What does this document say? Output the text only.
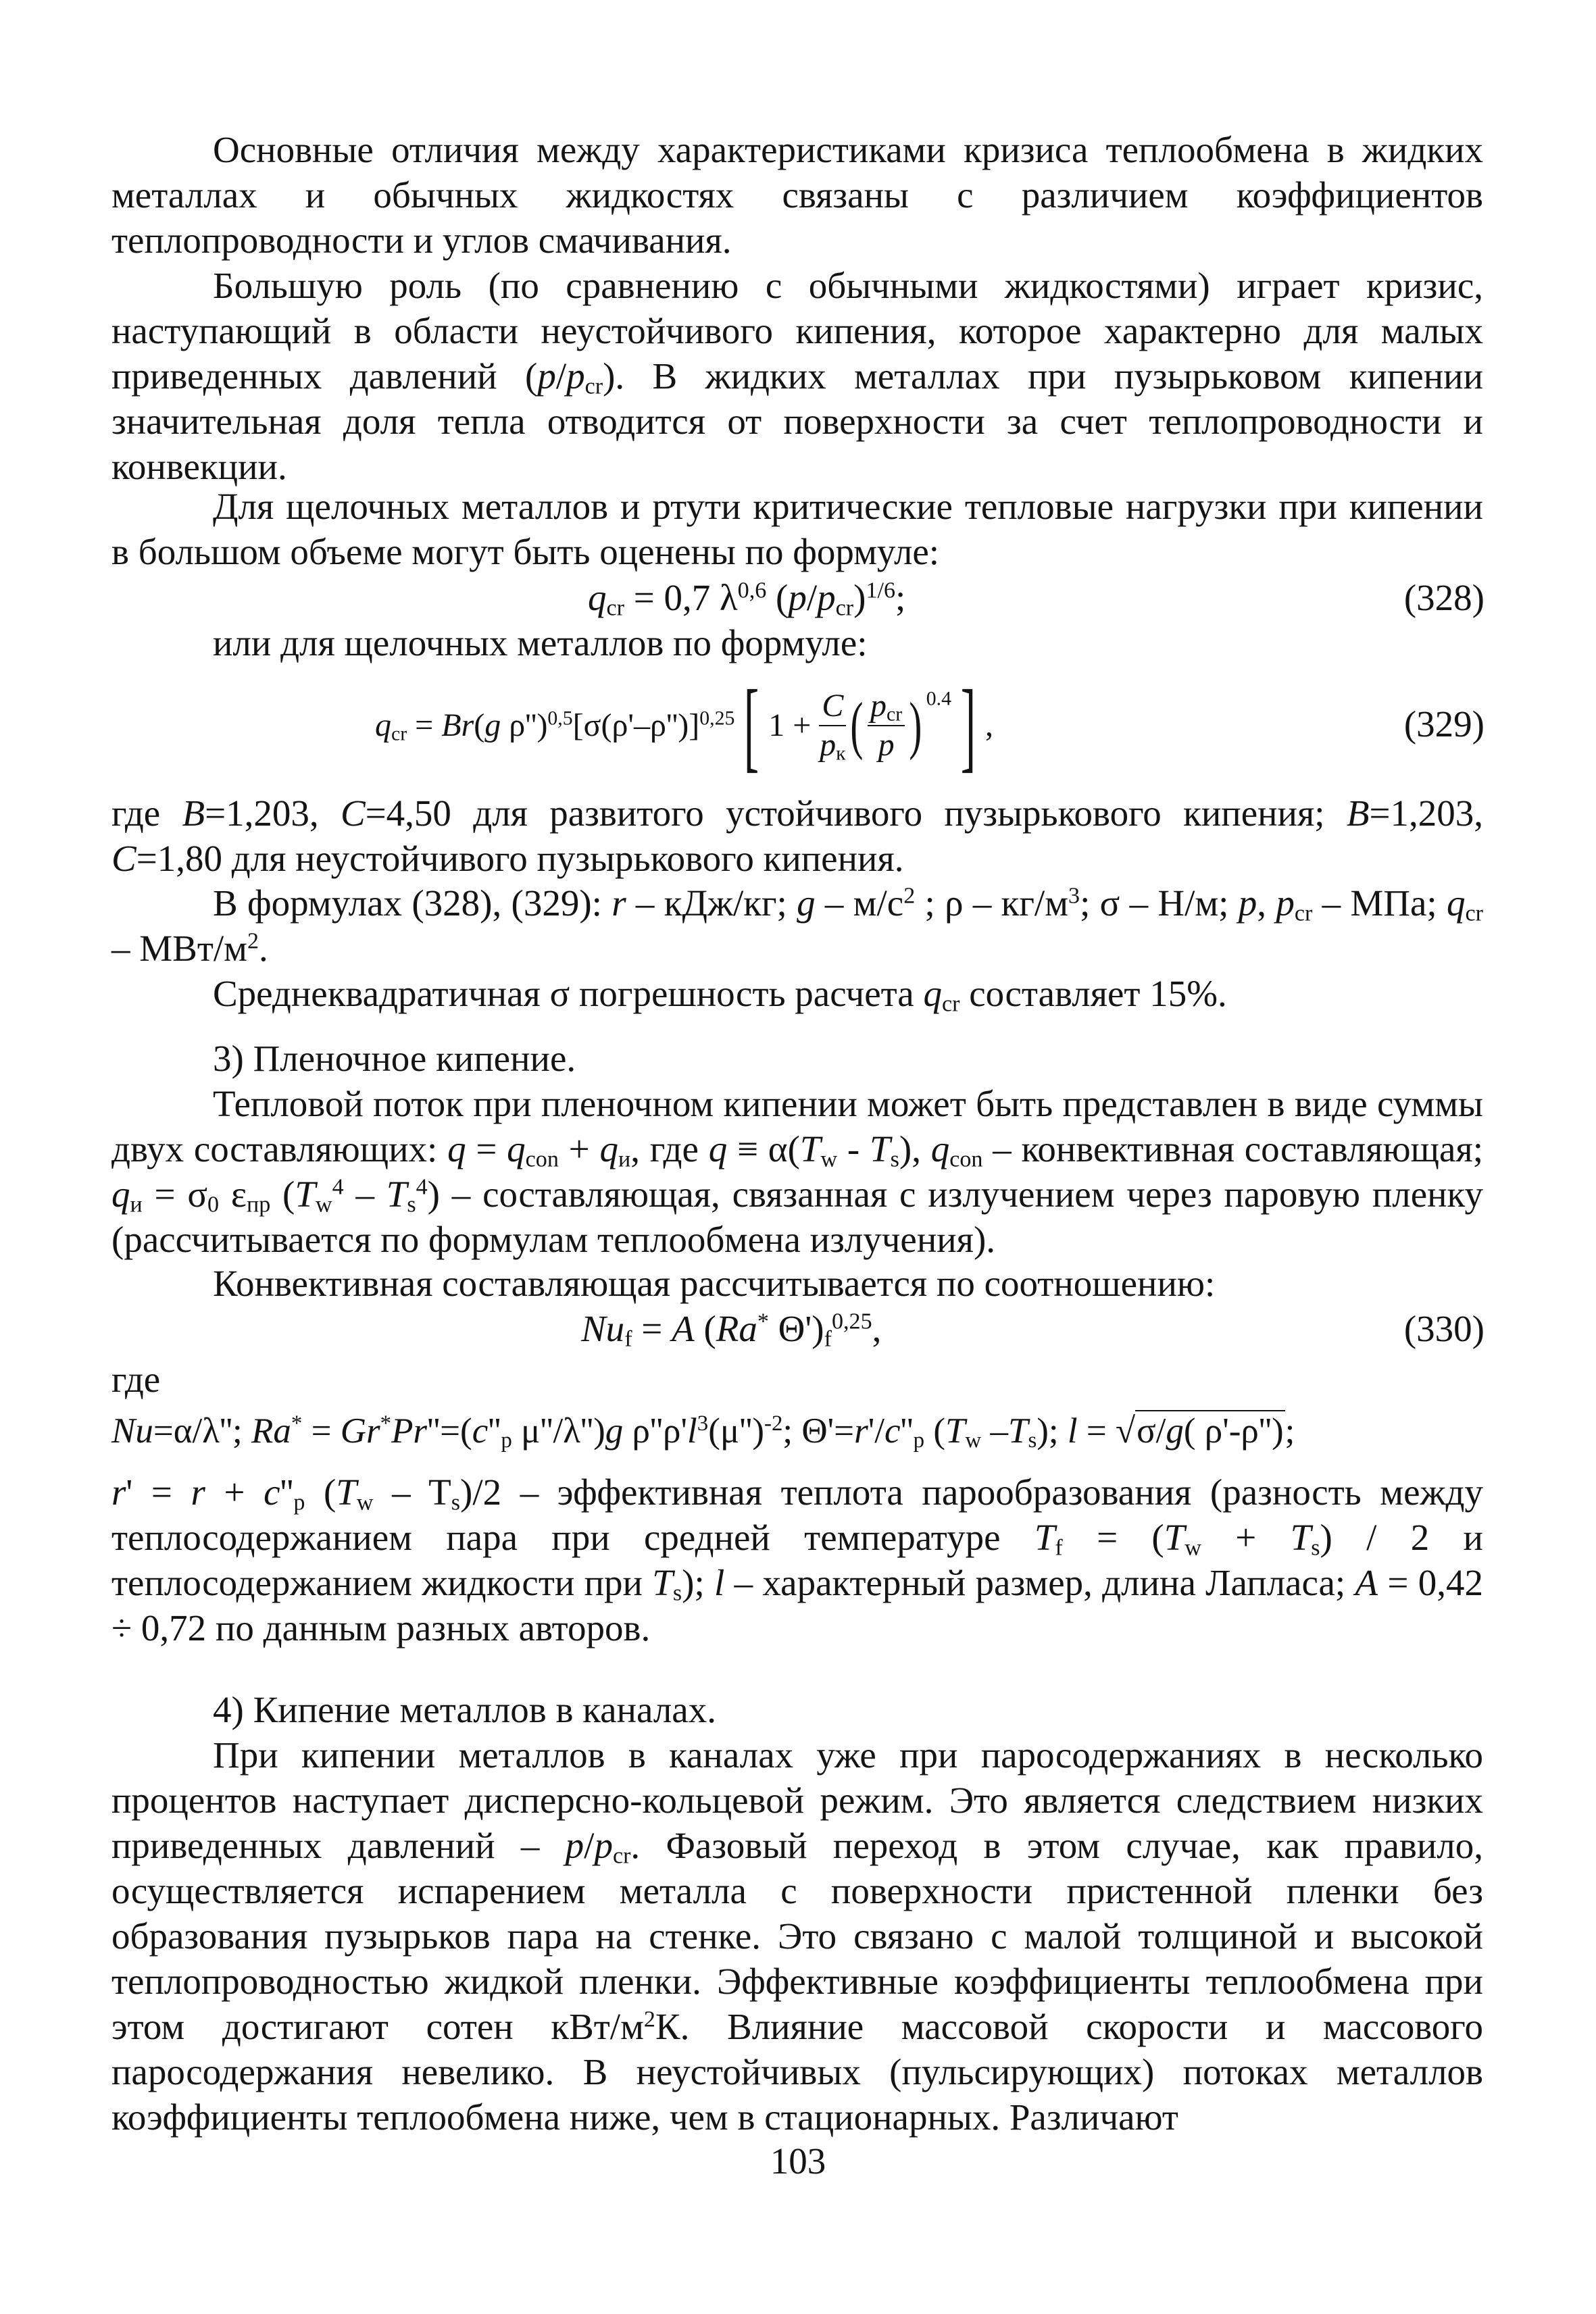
Основные отличия между характеристиками кризиса теплообмена в жидких металлах и обычных жидкостях связаны с различием коэффициентов теплопроводности и углов смачивания.

Большую роль (по сравнению с обычными жидкостями) играет кризис, наступающий в области неустойчивого кипения, которое характерно для малых приведенных давлений $(p/p_{cr})$. В жидких металлах при пузырьковом кипении значительная доля тепла отводится от поверхности за счет теплопроводности и конвекции.

Для щелочных металлов и ртути критические тепловые нагрузки при кипении в большом объеме могут быть оценены по формуле:

$q_{cr} = 0,7$ $\lambda^{0,6}$ $(p/p_{cr})^{1/6}$;	(328)
или для щелочных металлов по формуле:
$q_{cr} = Br(g$ $\rho'')^{0,5}[\sigma(\rho'-\rho'')]^{0,25}$[ $1 + \frac{C}{p_к}$ ( $\frac{p_{cr}}{p}$ ) $^{0.4}$] ,	(329)

где B=1,203, C=4,50 для развитого устойчивого пузырькового кипения; B=1,203, C=1,80 для неустойчивого пузырькового кипения.

В формулах (328), (329): r – кДж/кг; g – $м/с^2$ ; ρ – $кг/м^3$; σ – Н/м; p, $p_{cr}$ – МПа; $q_{cr} - МВт/м^2$.

Среднеквадратичная σ погрешность расчета $q_{cr}$ составляет 15%.

3) Пленочное кипение.

Тепловой поток при пленочном кипении может быть представлен в виде суммы двух составляющих: $q = q_{con} + q_и$, где $q \equiv \alpha(T_w - T_s)$, $q_{con}$ – конвективная составляющая; $q_и = \sigma_0$ $\varepsilon_{пр}$ $(T_w^4 - T_s^4)$ – составляющая, связанная с излучением через паровую пленку (рассчитывается по формулам теплообмена излучения).

Конвективная составляющая рассчитывается по соотношению:
$Nu_f = A$ (Ra* $\Theta')_f^{0,25}$,	(330)
где
Nu=α/λ''; $Ra^* = Gr^*Pr''=(c''_p$ μ''/λ'')g $\rho''\rho'l^3(\mu'')^{-2}$; $\Theta'=r'/c''_p$ ($T_w$ $-T_s$); l = √σ/g( ρ'-ρ'');

$r' = r + c''_p$ $(T_w - T_s)/2$ – эффективная теплота парообразования (разность между теплосодержанием пара при средней температуре $T_f = (T_w + T_s) / 2$ и теплосодержанием жидкости при $T_s$); l – характерный размер, длина Лапласа; A = 0,42 ÷ 0,72 по данным разных авторов.

4) Кипение металлов в каналах.

При кипении металлов в каналах уже при паросодержаниях в несколько процентов наступает дисперсно-кольцевой режим. Это является следствием низких приведенных давлений – $p/p_{cr}$. Фазовый переход в этом случае, как правило, осуществляется испарением металла с поверхности пристенной пленки без образования пузырьков пара на стенке. Это связано с малой толщиной и высокой теплопроводностью жидкой пленки. Эффективные коэффициенты теплообмена при этом достигают сотен кВт/$м^2К$. Влияние массовой скорости и массового паросодержания невелико. В неустойчивых (пульсирующих) потоках металлов коэффициенты теплообмена ниже, чем в стационарных. Различают

103
